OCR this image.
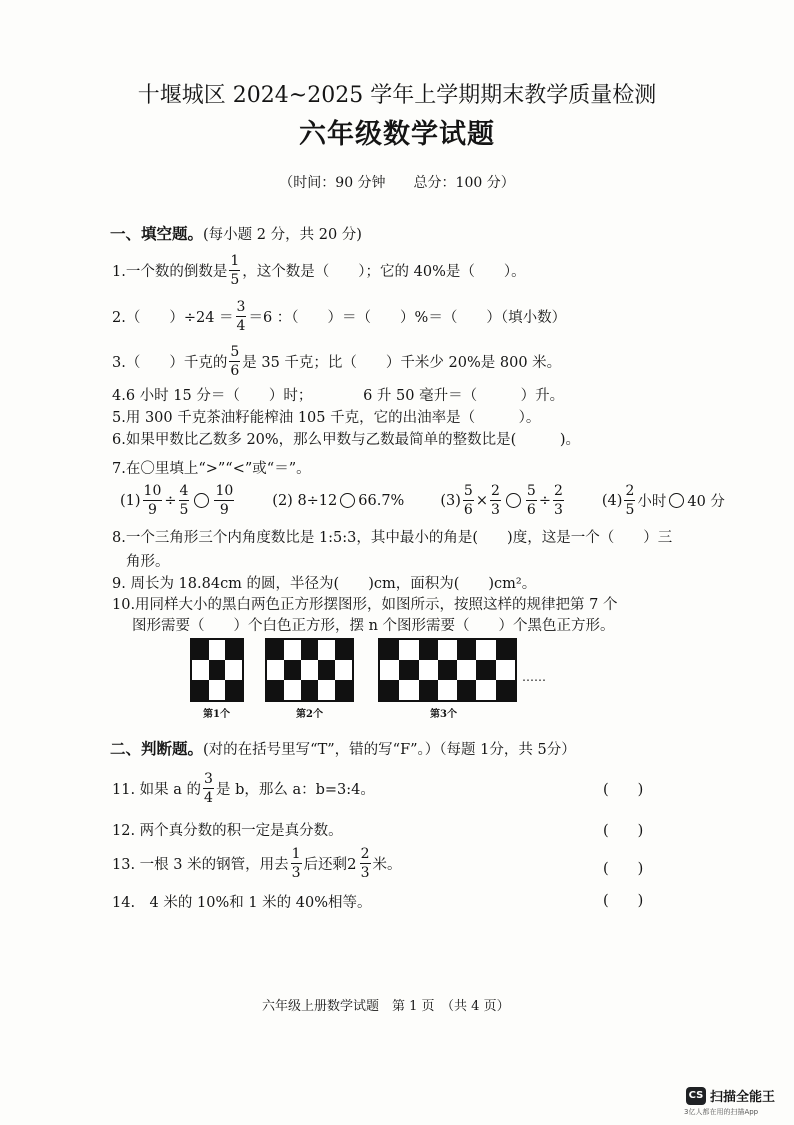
十堰城区 2024~2025 学年上学期期末教学质量检测
六年级数学试题
（时间：90 分钟　　总分：100 分）
一、填空题。(每小题 2 分，共 20 分)
1.一个数的倒数是 $\frac{1}{5}$ ，这个数是（　　）；它的 40%是（　　）。
2.（　　）$\div 24 = \frac{3}{4} =6$ ：（　　）＝（　　）%＝（　　）（填小数）
3.（　　）千克的 $\frac{5}{6}$ 是 35 千克；比（　　）千米少 20%是 800 米。
4.6 小时 15 分＝（　　）时；　　　　6 升 50 毫升＝（　　　）升。
5.用 300 千克茶油籽能榨油 105 千克，它的出油率是（　　　）。
6.如果甲数比乙数多 20%，那么甲数与乙数最简单的整数比是(　　　)。
7.在〇里填上“>”“<”或“＝”。
$(1) \frac{10}{9} \div \frac{4}{5} \frac{10}{9}$	(2)
8÷12 66.7% $(3) \frac{5}{6} \times \frac{2}{3} \frac{5}{6} \div \frac{2}{3}$	$(4) \frac{2}{5}$ 小时 40 分
8.一个三角形三个内角度数比是 1:5:3，其中最小的角是(　　)度，这是一个（　　）三
角形。
9. 周长为 18.84cm 的圆，半径为(　　)cm，面积为(　　)cm²。
10.用同样大小的黑白两色正方形摆图形，如图所示，按照这样的规律把第 7 个
图形需要（　　）个白色正方形，摆 n 个图形需要（　　）个黑色正方形。
……
第1个	第2个	第3个
二、判断题。(对的在括号里写“T”，错的写“F”。）（每题 1分，共 5分）
11. 如果 a 的 $\frac{3}{4}$ 是 b，那么 a：b=3:4。	(　　)
12. 两个真分数的积一定是真分数。	(　　)
13. 一根 3 米的钢管，用去 $\frac{1}{3}$ 后还剩 $2 \frac{2}{3}$ 米。	(　　)
14.　4 米的 10%和 1 米的 40%相等。	(　　)
六年级上册数学试题　第 1 页　（共 4 页）
CS 扫描全能王
3亿人都在用的扫描App
